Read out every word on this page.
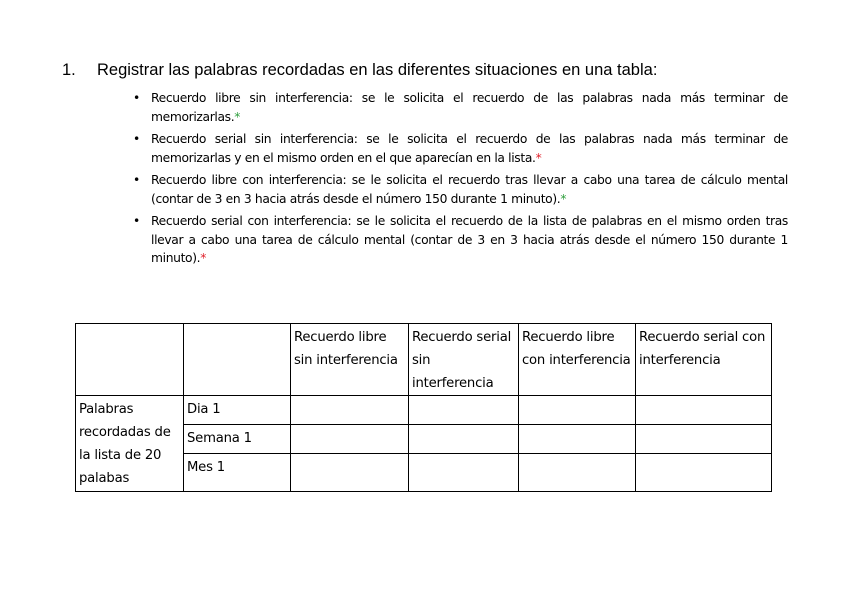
1. Registrar las palabras recordadas en las diferentes situaciones en una tabla:
• Recuerdo libre sin interferencia: se le solicita el recuerdo de las palabras nada más terminar de memorizarlas.*
• Recuerdo serial sin interferencia: se le solicita el recuerdo de las palabras nada más terminar de memorizarlas y en el mismo orden en el que aparecían en la lista.*
• Recuerdo libre con interferencia: se le solicita el recuerdo tras llevar a cabo una tarea de cálculo mental (contar de 3 en 3 hacia atrás desde el número 150 durante 1 minuto).*
• Recuerdo serial con interferencia: se le solicita el recuerdo de la lista de palabras en el mismo orden tras llevar a cabo una tarea de cálculo mental (contar de 3 en 3 hacia atrás desde el número 150 durante 1 minuto).*
		Recuerdo libre sin interferencia	Recuerdo serial sin interferencia	Recuerdo libre con interferencia	Recuerdo serial con interferencia
Palabras recordadas de la lista de 20 palabas	Dia 1				
	Semana 1				
	Mes 1				
